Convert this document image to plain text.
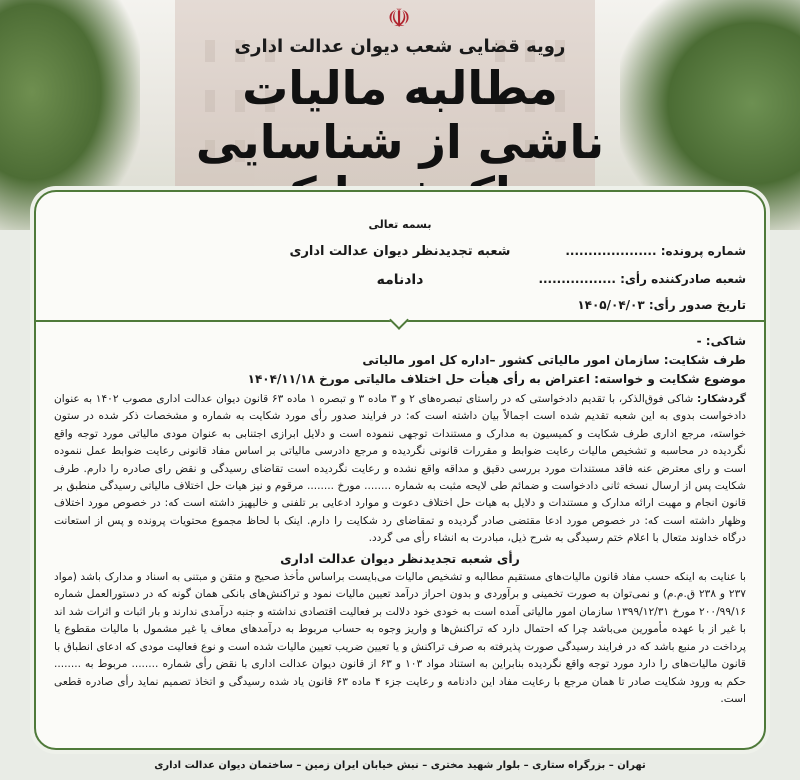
☫
رویه قضایی شعب دیوان عدالت اداری
مطالبه مالیات
ناشی از شناسایی
بسمه تعالی
شعبه تجدیدنظر دیوان عدالت اداری
دادنامه
شماره پرونده: ....................
شعبه صادرکننده رأی: .................
تاریخ صدور رأی: ۱۴۰۵/۰۴/۰۳
شاکی: -
طرف شکایت: سازمان امور مالیاتی کشور –اداره کل امور مالیاتی
موضوع شکایت و خواسته: اعتراض به رأی هیأت حل اختلاف مالیاتی مورخ ۱۴۰۴/۱۱/۱۸
گردشکار: شاکی فوق‌الذکر، با تقدیم دادخواستی که در راستای تبصره‌های ۲ و ۳ ماده ۳ و تبصره ۱ ماده ۶۳ قانون دیوان عدالت اداری مصوب ۱۴۰۲ به عنوان دادخواست بدوی به این شعبه تقدیم شده است اجمالاً بیان داشته است که: در فرایند صدور رأی مورد شکایت به شماره و مشخصات ذکر شده در ستون خواسته، مرجع اداری طرف شکایت و کمیسیون به مدارک و مستندات توجهی ننموده است و دلایل ابرازی اجتنابی به عنوان مودی مالیاتی مورد توجه واقع نگردیده در محاسبه و تشخیص مالیات رعایت ضوابط و مقررات قانونی نگردیده و مرجع دادرسی مالیاتی بر اساس مفاد قانونی رعایت ضوابط عمل ننموده است و رای معترض عنه فاقد مستندات مورد بررسی دقیق و مداقه واقع نشده و رعایت نگردیده است تقاضای رسیدگی و نقض رای صادره را دارم. طرف شکایت پس از ارسال نسخه ثانی دادخواست و ضمائم طی لایحه مثبت به شماره ........ مورخ ........ مرقوم و نیز هیات حل اختلاف مالیاتی رسیدگی منطبق بر قانون انجام و مهیت ارائه مدارک و مستندات و دلایل به هیات حل اختلاف دعوت و موارد ادعایی بر تلفنی و خالیهیز داشته است که: در خصوص مورد اختلاف وظهار داشته است که: در خصوص مورد ادعا مقتضی صادر گردیده و تمقاضای رد شکایت را دارم. اینک با لحاظ مجموع محتویات پرونده و پس از استعانت درگاه خداوند متعال با اعلام ختم رسیدگی به شرح ذیل، مبادرت به انشاء رأی می گردد.
رأی شعبه تجدیدنظر دیوان عدالت اداری
با عنایت به اینکه حسب مفاد قانون مالیات‌های مستقیم مطالبه و تشخیص مالیات می‌بایست براساس مأخذ صحیح و متقن و مبتنی به اسناد و مدارک باشد (مواد ۲۳۷ و ۲۳۸ ق.م.م) و نمی‌توان به صورت تخمینی و برآوردی و بدون احراز درآمد تعیین مالیات نمود و تراکنش‌های بانکی همان گونه که در دستورالعمل شماره ۲۰۰/۹۹/۱۶ مورخ ۱۳۹۹/۱۲/۳۱ سازمان امور مالیاتی آمده است به خودی خود دلالت بر فعالیت اقتصادی نداشته و جنبه درآمدی ندارند و بار اثبات و اثرات شد اند با غیر از با عهده مأمورین می‌باشد چرا که احتمال دارد که تراکنش‌ها و واریز وجوه به حساب مربوط به درآمدهای معاف یا غیر مشمول با مالیات مقطوع یا پرداخت در منبع باشد که در فرایند رسیدگی صورت پذیرفته به صرف تراکنش و یا تعیین ضریب تعیین مالیات شده است و نوع فعالیت مودی که ادعای انطباق با قانون مالیات‌های را دارد مورد توجه واقع نگردیده بنابراین به استناد مواد ۱۰۳ و ۶۳ از قانون دیوان عدالت اداری با نقض رأی شماره ........ مربوط به ........ حکم به ورود شکایت صادر تا همان مرجع با رعایت مفاد این دادنامه و رعایت جزء ۴ ماده ۶۳ قانون یاد شده رسیدگی و اتخاذ تصمیم نماید رأی صادره قطعی است.
تهران – بزرگراه ستاری – بلوار شهید مختری – نبش خیابان ایران زمین – ساختمان دیوان عدالت اداری
